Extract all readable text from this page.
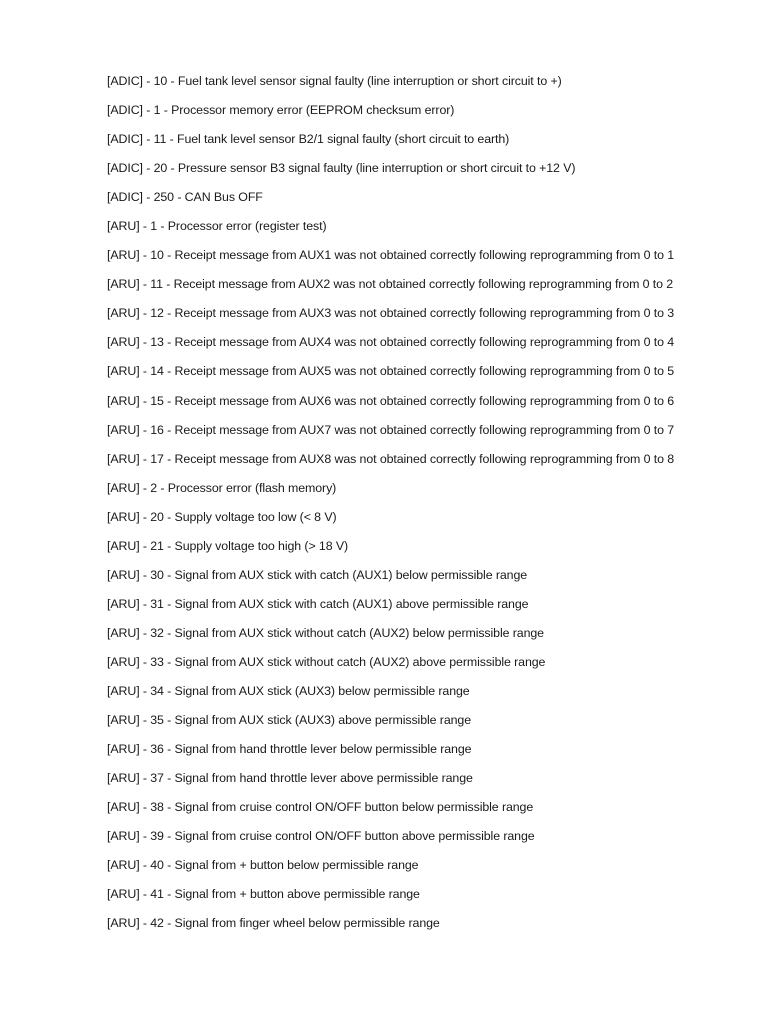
[ADIC] - 10 - Fuel tank level sensor signal faulty (line interruption or short circuit to +)
[ADIC] - 1 - Processor memory error (EEPROM checksum error)
[ADIC] - 11 - Fuel tank level sensor B2/1 signal faulty (short circuit to earth)
[ADIC] - 20 - Pressure sensor B3 signal faulty (line interruption or short circuit to +12 V)
[ADIC] - 250 - CAN Bus OFF
[ARU] - 1 - Processor error (register test)
[ARU] - 10 - Receipt message from AUX1 was not obtained correctly following reprogramming from 0 to 1
[ARU] - 11 - Receipt message from AUX2 was not obtained correctly following reprogramming from 0 to 2
[ARU] - 12 - Receipt message from AUX3 was not obtained correctly following reprogramming from 0 to 3
[ARU] - 13 - Receipt message from AUX4 was not obtained correctly following reprogramming from 0 to 4
[ARU] - 14 - Receipt message from AUX5 was not obtained correctly following reprogramming from 0 to 5
[ARU] - 15 - Receipt message from AUX6 was not obtained correctly following reprogramming from 0 to 6
[ARU] - 16 - Receipt message from AUX7 was not obtained correctly following reprogramming from 0 to 7
[ARU] - 17 - Receipt message from AUX8 was not obtained correctly following reprogramming from 0 to 8
[ARU] - 2 - Processor error (flash memory)
[ARU] - 20 - Supply voltage too low (< 8 V)
[ARU] - 21 - Supply voltage too high (> 18 V)
[ARU] - 30 - Signal from AUX stick with catch (AUX1) below permissible range
[ARU] - 31 - Signal from AUX stick with catch (AUX1) above permissible range
[ARU] - 32 - Signal from AUX stick without catch (AUX2) below permissible range
[ARU] - 33 - Signal from AUX stick without catch (AUX2) above permissible range
[ARU] - 34 - Signal from AUX stick (AUX3) below permissible range
[ARU] - 35 - Signal from AUX stick (AUX3) above permissible range
[ARU] - 36 - Signal from hand throttle lever below permissible range
[ARU] - 37 - Signal from hand throttle lever above permissible range
[ARU] - 38 - Signal from cruise control ON/OFF button below permissible range
[ARU] - 39 - Signal from cruise control ON/OFF button above permissible range
[ARU] - 40 - Signal from + button below permissible range
[ARU] - 41 - Signal from + button above permissible range
[ARU] - 42 - Signal from finger wheel below permissible range
